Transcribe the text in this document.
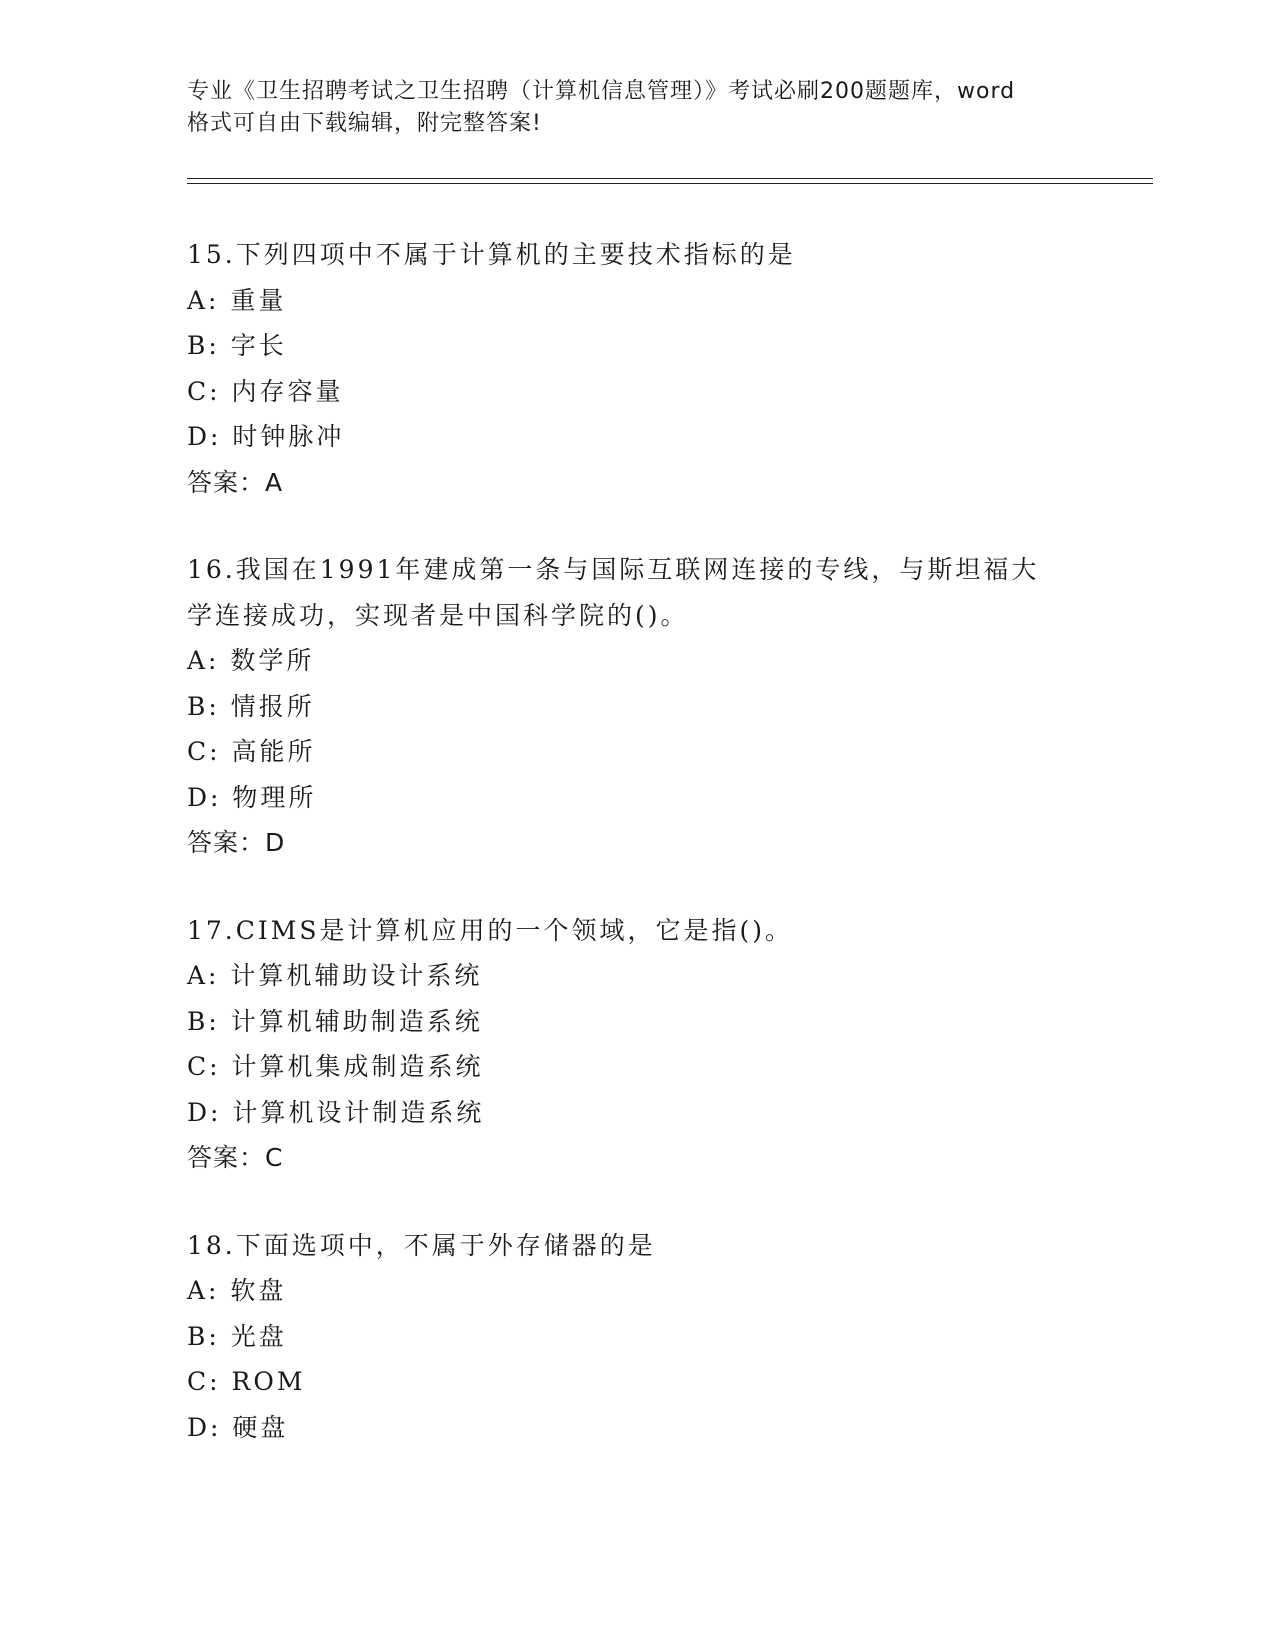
专业《卫生招聘考试之卫生招聘（计算机信息管理）》考试必刷200题题库，word
格式可自由下载编辑，附完整答案!
15.下列四项中不属于计算机的主要技术指标的是
A: 重量
B: 字长
C: 内存容量
D: 时钟脉冲
答案：A
16.我国在1991年建成第一条与国际互联网连接的专线，与斯坦福大学连接成功，实现者是中国科学院的()。
A: 数学所
B: 情报所
C: 高能所
D: 物理所
答案：D
17.CIMS是计算机应用的一个领域，它是指()。
A: 计算机辅助设计系统
B: 计算机辅助制造系统
C: 计算机集成制造系统
D: 计算机设计制造系统
答案：C
18.下面选项中，不属于外存储器的是
A: 软盘
B: 光盘
C: ROM
D: 硬盘
